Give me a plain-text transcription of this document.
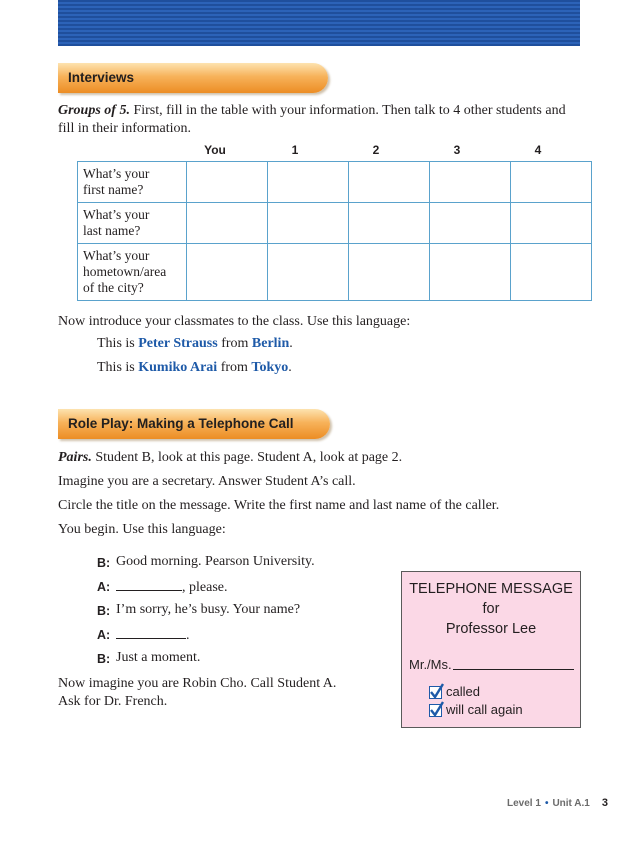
Interviews
Groups of 5. First, fill in the table with your information. Then talk to 4 other students and fill in their information.
You	1	2	3	4
What’s your
first name?					
What’s your
last name?					
What’s your
hometown/area
of the city?					
Now introduce your classmates to the class. Use this language:
This is Peter Strauss from Berlin.
This is Kumiko Arai from Tokyo.
Role Play: Making a Telephone Call
Pairs. Student B, look at this page. Student A, look at page 2.
Imagine you are a secretary. Answer Student A’s call.
Circle the title on the message. Write the first name and last name of the caller.
You begin. Use this language:
B: Good morning. Pearson University.
A:	, please.
B: I’m sorry, he’s busy. Your name?
A:	.
B: Just a moment.
Now imagine you are Robin Cho. Call Student A.
Ask for Dr. French.
TELEPHONE MESSAGE
for
Professor Lee
Mr./Ms.
called
will call again
Level 1 • Unit A.1 3
